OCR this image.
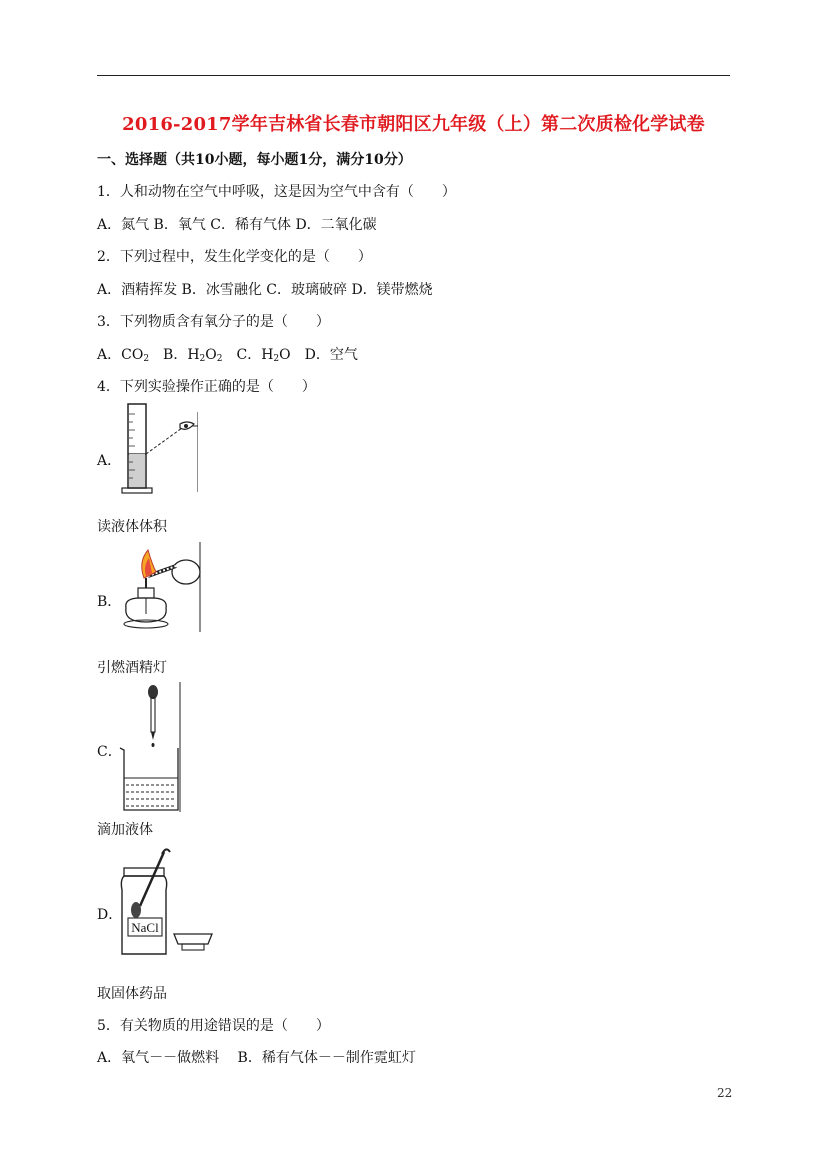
2016-2017学年吉林省长春市朝阳区九年级（上）第二次质检化学试卷
一、选择题（共10小题，每小题1分，满分10分）
1．人和动物在空气中呼吸，这是因为空气中含有（　　）
A．氮气 B．氧气 C．稀有气体 D．二氧化碳
2．下列过程中，发生化学变化的是（　　）
A．酒精挥发 B．冰雪融化 C．玻璃破碎 D．镁带燃烧
3．下列物质含有氧分子的是（　　）
A．$CO_2$　B．$H_2O_2$　C．$H_2O$　D．空气
4．下列实验操作正确的是（　　）
A．
读液体体积
B．
引燃酒精灯
C．
滴加液体
D．
NaCl
取固体药品
5．有关物质的用途错误的是（　　）
A．氧气－－做燃料　 B．稀有气体－－制作霓虹灯
22
